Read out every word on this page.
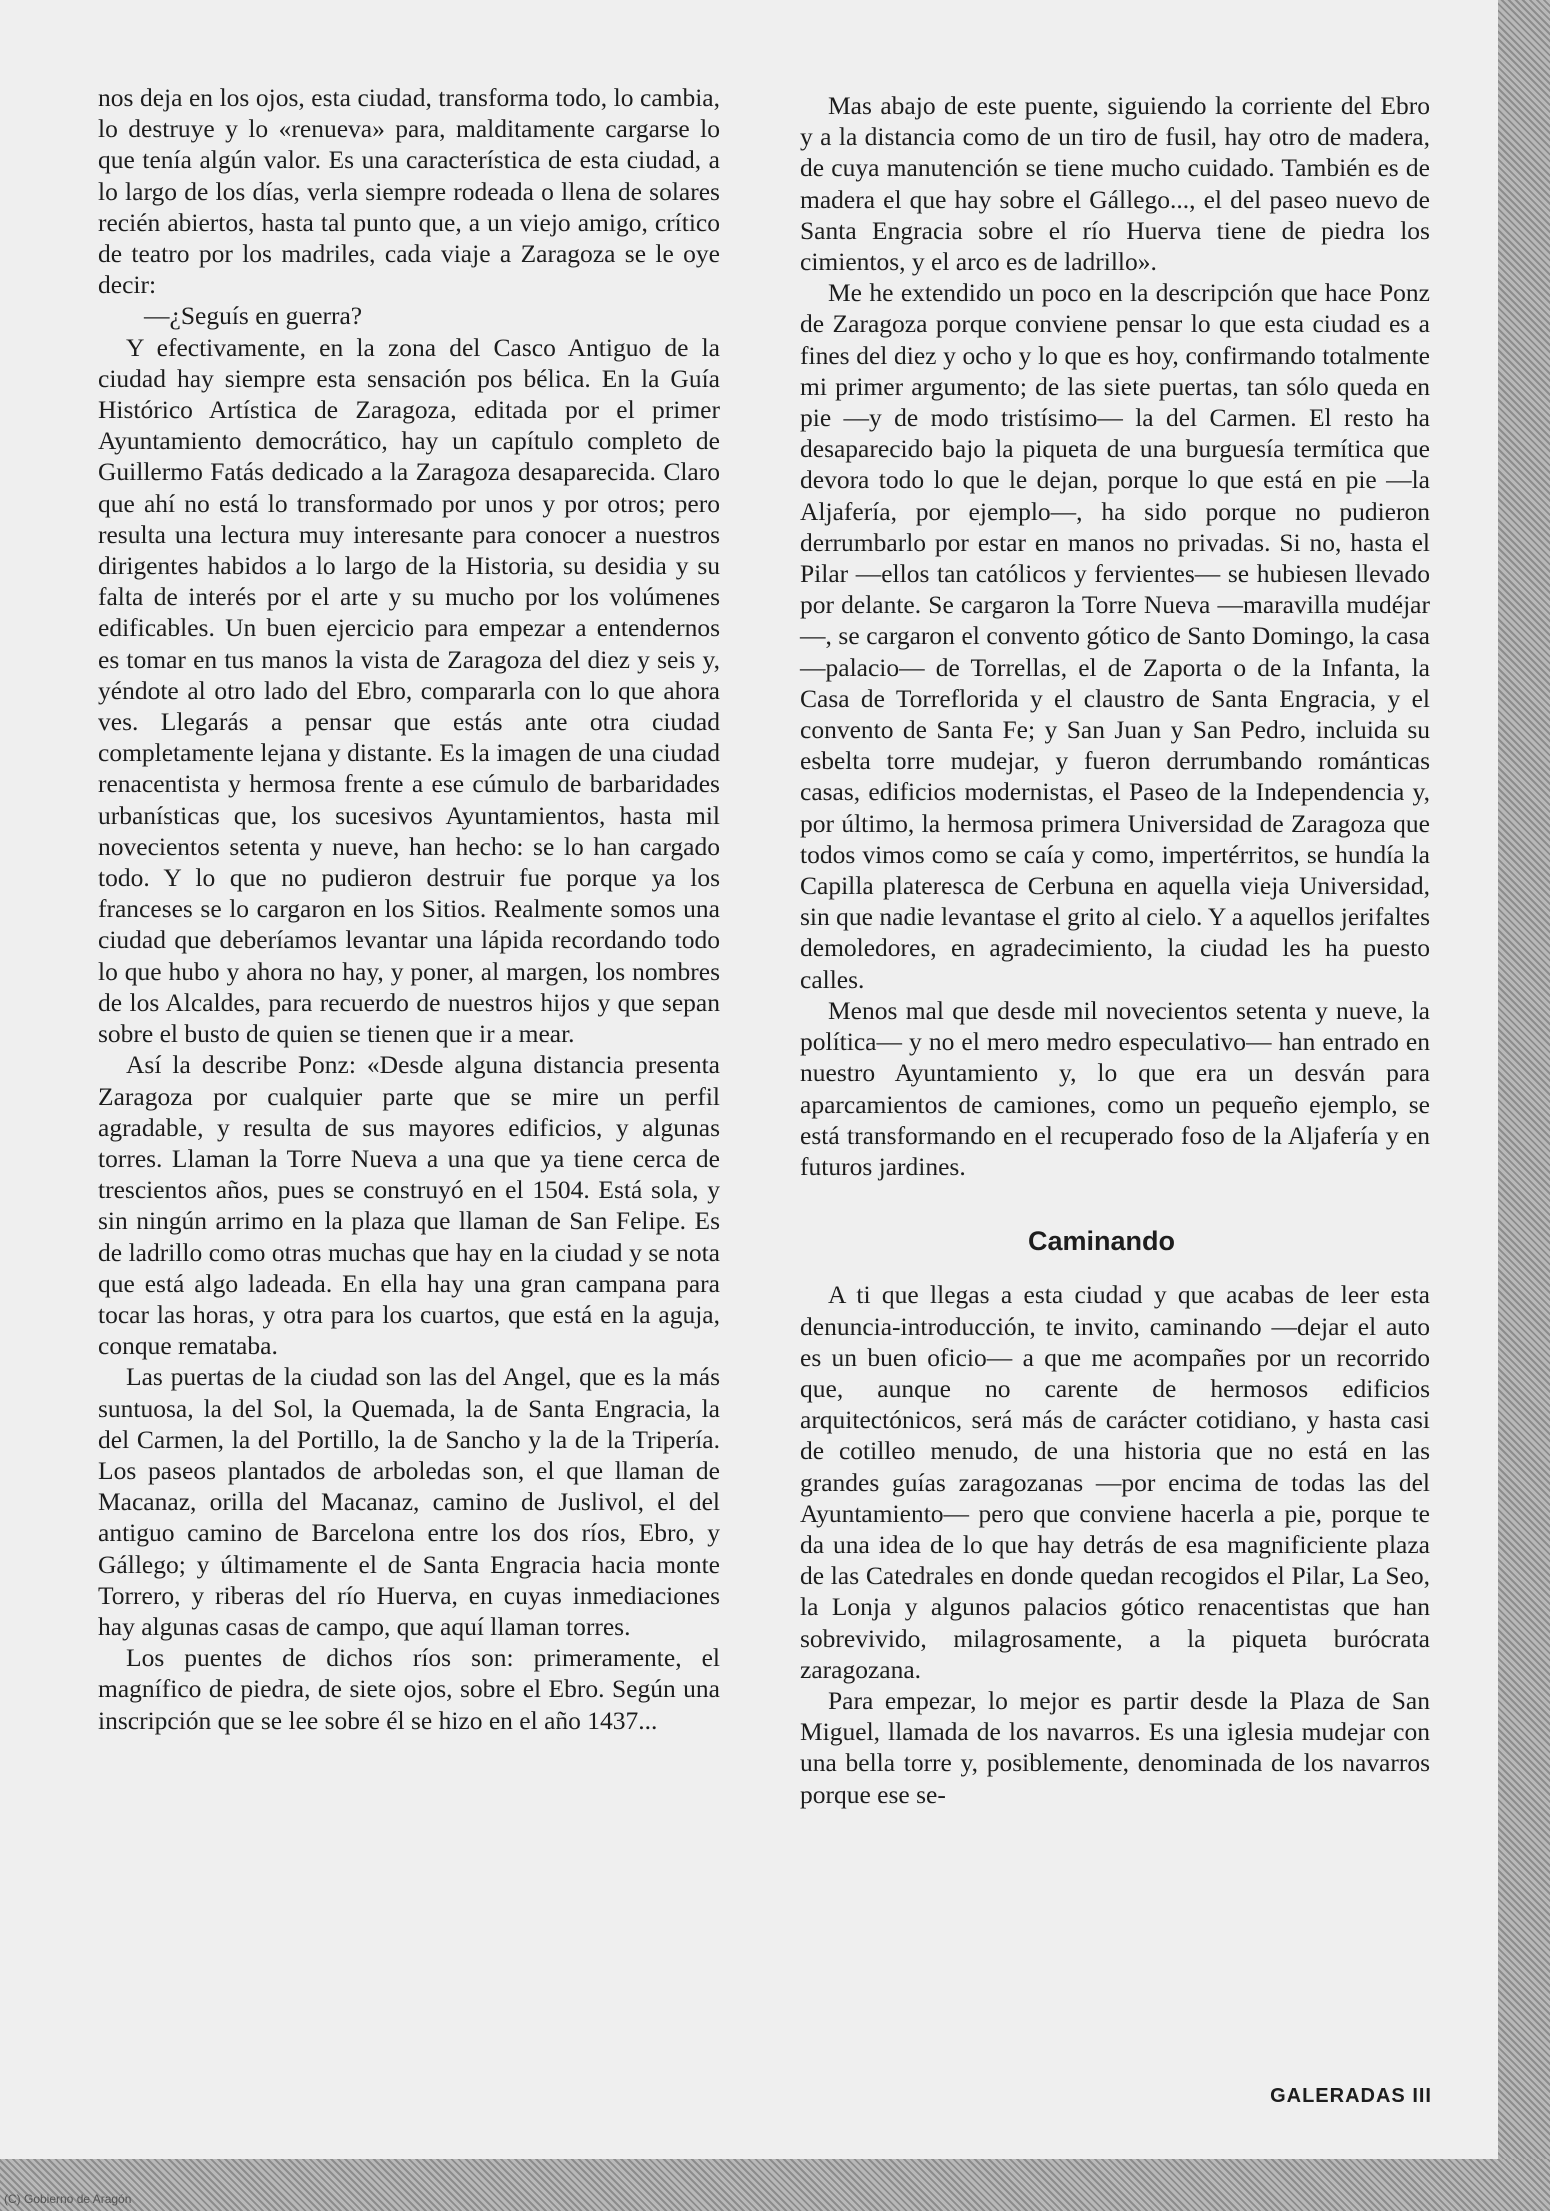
nos deja en los ojos, esta ciudad, transforma todo, lo cambia, lo destruye y lo «renueva» para, malditamente cargarse lo que tenía algún valor. Es una característica de esta ciudad, a lo largo de los días, verla siempre rodeada o llena de solares recién abiertos, hasta tal punto que, a un viejo amigo, crítico de teatro por los madriles, cada viaje a Zaragoza se le oye decir:

—¿Seguís en guerra?

Y efectivamente, en la zona del Casco Antiguo de la ciudad hay siempre esta sensación pos bélica. En la Guía Histórico Artística de Zaragoza, editada por el primer Ayuntamiento democrático, hay un capítulo completo de Guillermo Fatás dedicado a la Zaragoza desaparecida. Claro que ahí no está lo transformado por unos y por otros; pero resulta una lectura muy interesante para conocer a nuestros dirigentes habidos a lo largo de la Historia, su desidia y su falta de interés por el arte y su mucho por los volúmenes edificables. Un buen ejercicio para empezar a entendernos es tomar en tus manos la vista de Zaragoza del diez y seis y, yéndote al otro lado del Ebro, compararla con lo que ahora ves. Llegarás a pensar que estás ante otra ciudad completamente lejana y distante. Es la imagen de una ciudad renacentista y hermosa frente a ese cúmulo de barbaridades urbanísticas que, los sucesivos Ayuntamientos, hasta mil novecientos setenta y nueve, han hecho: se lo han cargado todo. Y lo que no pudieron destruir fue porque ya los franceses se lo cargaron en los Sitios. Realmente somos una ciudad que deberíamos levantar una lápida recordando todo lo que hubo y ahora no hay, y poner, al margen, los nombres de los Alcaldes, para recuerdo de nuestros hijos y que sepan sobre el busto de quien se tienen que ir a mear.

Así la describe Ponz: «Desde alguna distancia presenta Zaragoza por cualquier parte que se mire un perfil agradable, y resulta de sus mayores edificios, y algunas torres. Llaman la Torre Nueva a una que ya tiene cerca de trescientos años, pues se construyó en el 1504. Está sola, y sin ningún arrimo en la plaza que llaman de San Felipe. Es de ladrillo como otras muchas que hay en la ciudad y se nota que está algo ladeada. En ella hay una gran campana para tocar las horas, y otra para los cuartos, que está en la aguja, conque remataba.

Las puertas de la ciudad son las del Angel, que es la más suntuosa, la del Sol, la Quemada, la de Santa Engracia, la del Carmen, la del Portillo, la de Sancho y la de la Tripería. Los paseos plantados de arboledas son, el que llaman de Macanaz, orilla del Macanaz, camino de Juslivol, el del antiguo camino de Barcelona entre los dos ríos, Ebro, y Gállego; y últimamente el de Santa Engracia hacia monte Torrero, y riberas del río Huerva, en cuyas inmediaciones hay algunas casas de campo, que aquí llaman torres.

Los puentes de dichos ríos son: primeramente, el magnífico de piedra, de siete ojos, sobre el Ebro. Según una inscripción que se lee sobre él se hizo en el año 1437...

Mas abajo de este puente, siguiendo la corriente del Ebro y a la distancia como de un tiro de fusil, hay otro de madera, de cuya manutención se tiene mucho cuidado. También es de madera el que hay sobre el Gállego..., el del paseo nuevo de Santa Engracia sobre el río Huerva tiene de piedra los cimientos, y el arco es de ladrillo».

Me he extendido un poco en la descripción que hace Ponz de Zaragoza porque conviene pensar lo que esta ciudad es a fines del diez y ocho y lo que es hoy, confirmando totalmente mi primer argumento; de las siete puertas, tan sólo queda en pie —y de modo tristísimo— la del Carmen. El resto ha desaparecido bajo la piqueta de una burguesía termítica que devora todo lo que le dejan, porque lo que está en pie —la Aljafería, por ejemplo—, ha sido porque no pudieron derrumbarlo por estar en manos no privadas. Si no, hasta el Pilar —ellos tan católicos y fervientes— se hubiesen llevado por delante. Se cargaron la Torre Nueva —maravilla mudéjar—, se cargaron el convento gótico de Santo Domingo, la casa —palacio— de Torrellas, el de Zaporta o de la Infanta, la Casa de Torreflorida y el claustro de Santa Engracia, y el convento de Santa Fe; y San Juan y San Pedro, incluida su esbelta torre mudejar, y fueron derrumbando románticas casas, edificios modernistas, el Paseo de la Independencia y, por último, la hermosa primera Universidad de Zaragoza que todos vimos como se caía y como, impertérritos, se hundía la Capilla plateresca de Cerbuna en aquella vieja Universidad, sin que nadie levantase el grito al cielo. Y a aquellos jerifaltes demoledores, en agradecimiento, la ciudad les ha puesto calles.

Menos mal que desde mil novecientos setenta y nueve, la política— y no el mero medro especulativo— han entrado en nuestro Ayuntamiento y, lo que era un desván para aparcamientos de camiones, como un pequeño ejemplo, se está transformando en el recuperado foso de la Aljafería y en futuros jardines.

Caminando

A ti que llegas a esta ciudad y que acabas de leer esta denuncia-introducción, te invito, caminando —dejar el auto es un buen oficio— a que me acompañes por un recorrido que, aunque no carente de hermosos edificios arquitectónicos, será más de carácter cotidiano, y hasta casi de cotilleo menudo, de una historia que no está en las grandes guías zaragozanas —por encima de todas las del Ayuntamiento— pero que conviene hacerla a pie, porque te da una idea de lo que hay detrás de esa magnificiente plaza de las Catedrales en donde quedan recogidos el Pilar, La Seo, la Lonja y algunos palacios gótico renacentistas que han sobrevivido, milagrosamente, a la piqueta burócrata zaragozana.

Para empezar, lo mejor es partir desde la Plaza de San Miguel, llamada de los navarros. Es una iglesia mudejar con una bella torre y, posiblemente, denominada de los navarros porque ese se-

GALERADAS III
(C) Gobierno de Aragón
